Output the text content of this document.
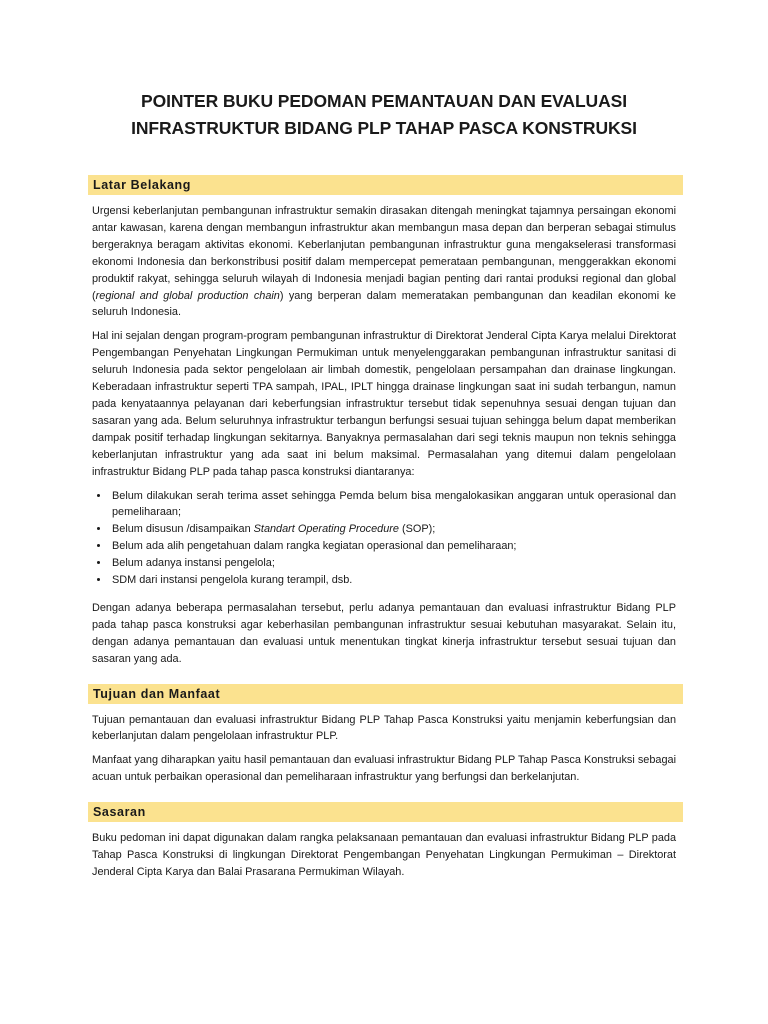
POINTER BUKU PEDOMAN PEMANTAUAN DAN EVALUASI
INFRASTRUKTUR BIDANG PLP TAHAP PASCA KONSTRUKSI
Latar Belakang

Urgensi keberlanjutan pembangunan infrastruktur semakin dirasakan ditengah meningkat tajamnya persaingan ekonomi antar kawasan, karena dengan membangun infrastruktur akan membangun masa depan dan berperan sebagai stimulus bergeraknya beragam aktivitas ekonomi. Keberlanjutan pembangunan infrastruktur guna mengakselerasi transformasi ekonomi Indonesia dan berkonstribusi positif dalam mempercepat pemerataan pembangunan, menggerakkan ekonomi produktif rakyat, sehingga seluruh wilayah di Indonesia menjadi bagian penting dari rantai produksi regional dan global (regional and global production chain) yang berperan dalam memeratakan pembangunan dan keadilan ekonomi ke seluruh Indonesia.

Hal ini sejalan dengan program-program pembangunan infrastruktur di Direktorat Jenderal Cipta Karya melalui Direktorat Pengembangan Penyehatan Lingkungan Permukiman untuk menyelenggarakan pembangunan infrastruktur sanitasi di seluruh Indonesia pada sektor pengelolaan air limbah domestik, pengelolaan persampahan dan drainase lingkungan. Keberadaan infrastruktur seperti TPA sampah, IPAL, IPLT hingga drainase lingkungan saat ini sudah terbangun, namun pada kenyataannya pelayanan dari keberfungsian infrastruktur tersebut tidak sepenuhnya sesuai dengan tujuan dan sasaran yang ada. Belum seluruhnya infrastruktur terbangun berfungsi sesuai tujuan sehingga belum dapat memberikan dampak positif terhadap lingkungan sekitarnya. Banyaknya permasalahan dari segi teknis maupun non teknis sehingga keberlanjutan infrastruktur yang ada saat ini belum maksimal. Permasalahan yang ditemui dalam pengelolaan infrastruktur Bidang PLP pada tahap pasca konstruksi diantaranya:

• Belum dilakukan serah terima asset sehingga Pemda belum bisa mengalokasikan anggaran untuk operasional dan pemeliharaan;
• Belum disusun /disampaikan Standart Operating Procedure (SOP);
• Belum ada alih pengetahuan dalam rangka kegiatan operasional dan pemeliharaan;
• Belum adanya instansi pengelola;
• SDM dari instansi pengelola kurang terampil, dsb.

Dengan adanya beberapa permasalahan tersebut, perlu adanya pemantauan dan evaluasi infrastruktur Bidang PLP pada tahap pasca konstruksi agar keberhasilan pembangunan infrastruktur sesuai kebutuhan masyarakat. Selain itu, dengan adanya pemantauan dan evaluasi untuk menentukan tingkat kinerja infrastruktur tersebut sesuai tujuan dan sasaran yang ada.

Tujuan dan Manfaat

Tujuan pemantauan dan evaluasi infrastruktur Bidang PLP Tahap Pasca Konstruksi yaitu menjamin keberfungsian dan keberlanjutan dalam pengelolaan infrastruktur PLP.

Manfaat yang diharapkan yaitu hasil pemantauan dan evaluasi infrastruktur Bidang PLP Tahap Pasca Konstruksi sebagai acuan untuk perbaikan operasional dan pemeliharaan infrastruktur yang berfungsi dan berkelanjutan.

Sasaran

Buku pedoman ini dapat digunakan dalam rangka pelaksanaan pemantauan dan evaluasi infrastruktur Bidang PLP pada Tahap Pasca Konstruksi di lingkungan Direktorat Pengembangan Penyehatan Lingkungan Permukiman – Direktorat Jenderal Cipta Karya dan Balai Prasarana Permukiman Wilayah.
